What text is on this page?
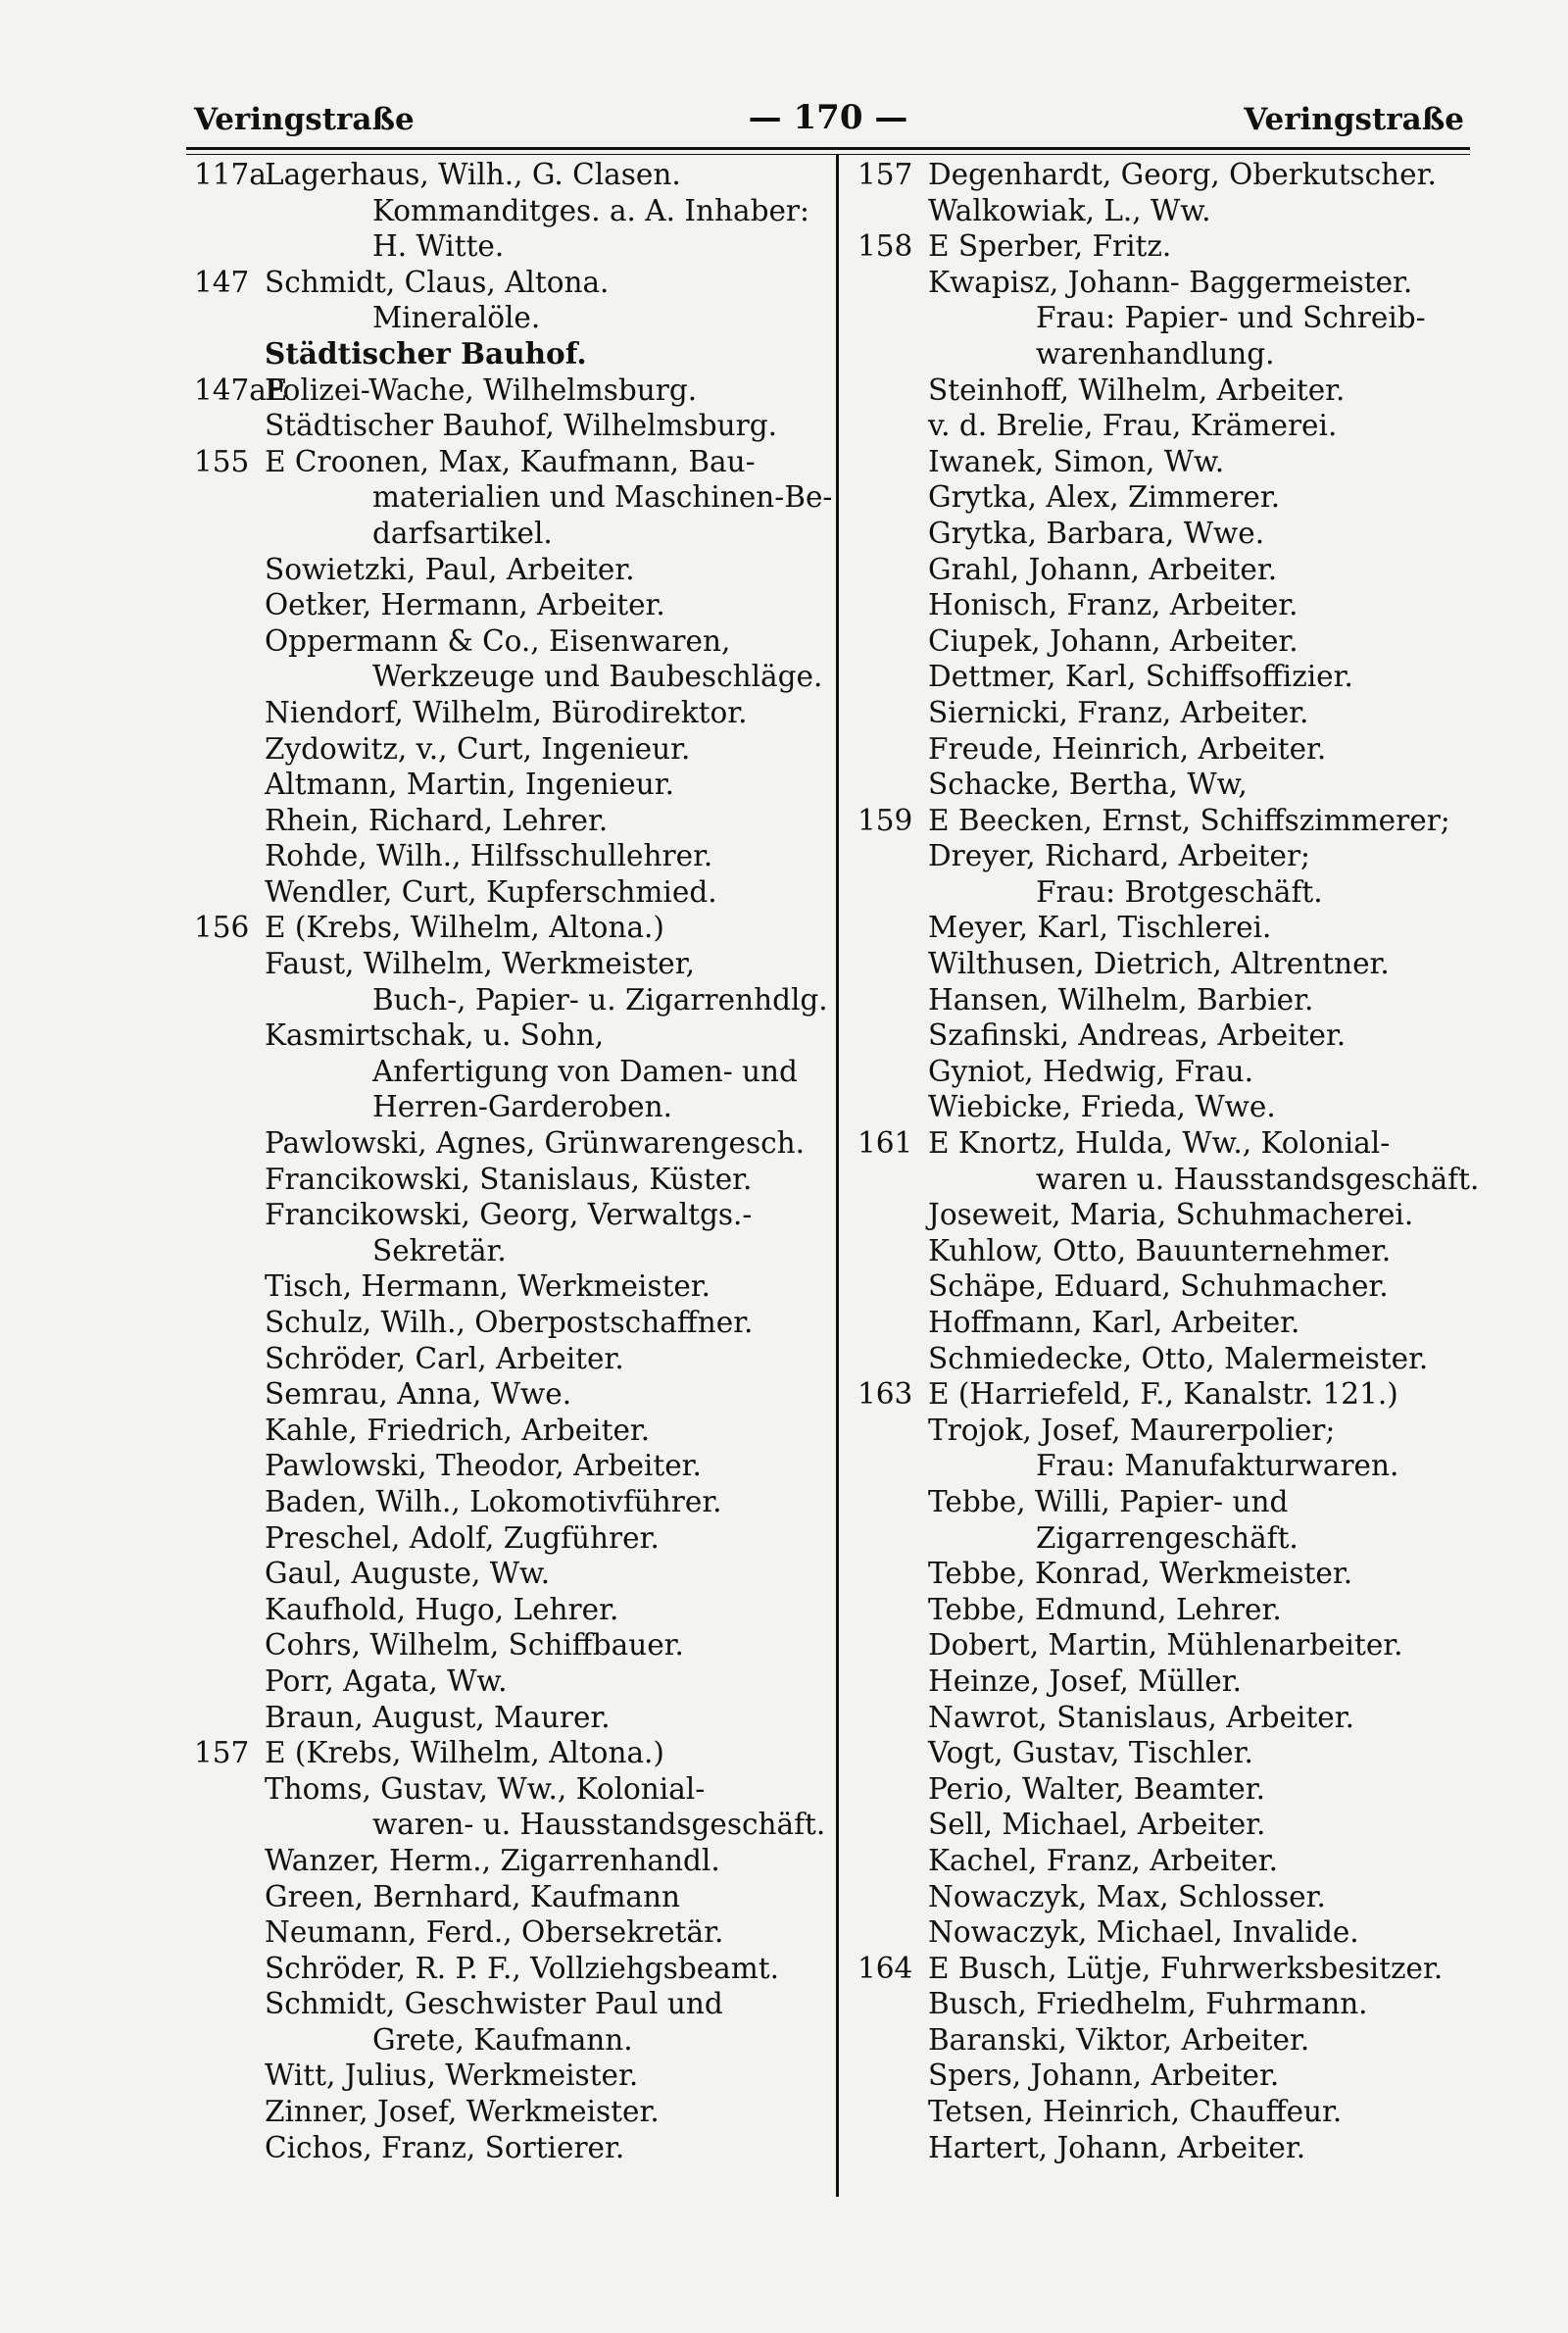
Veringstraße	— 170 —	Veringstraße
117a
Lagerhaus, Wilh., G. Clasen.
Kommanditges. a. A. Inhaber:
H. Witte.
147 Schmidt, Claus, Altona.
Mineralöle.
Städtischer Bauhof.
147aE
Polizei-Wache, Wilhelmsburg.
Städtischer Bauhof, Wilhelmsburg.
155 E Croonen, Max, Kaufmann, Bau-
materialien und Maschinen-Be-
darfsartikel.
Sowietzki, Paul, Arbeiter.
Oetker, Hermann, Arbeiter.
Oppermann & Co., Eisenwaren,
Werkzeuge und Baubeschläge.
Niendorf, Wilhelm, Bürodirektor.
Zydowitz, v., Curt, Ingenieur.
Altmann, Martin, Ingenieur.
Rhein, Richard, Lehrer.
Rohde, Wilh., Hilfsschullehrer.
Wendler, Curt, Kupferschmied.
156 E (Krebs, Wilhelm, Altona.)
Faust, Wilhelm, Werkmeister,
Buch-, Papier- u. Zigarrenhdlg.
Kasmirtschak, u. Sohn,
Anfertigung von Damen- und
Herren-Garderoben.
Pawlowski, Agnes, Grünwarengesch.
Francikowski, Stanislaus, Küster.
Francikowski, Georg, Verwaltgs.-
Sekretär.
Tisch, Hermann, Werkmeister.
Schulz, Wilh., Oberpostschaffner.
Schröder, Carl, Arbeiter.
Semrau, Anna, Wwe.
Kahle, Friedrich, Arbeiter.
Pawlowski, Theodor, Arbeiter.
Baden, Wilh., Lokomotivführer.
Preschel, Adolf, Zugführer.
Gaul, Auguste, Ww.
Kaufhold, Hugo, Lehrer.
Cohrs, Wilhelm, Schiffbauer.
Porr, Agata, Ww.
Braun, August, Maurer.
157 E (Krebs, Wilhelm, Altona.)
Thoms, Gustav, Ww., Kolonial-
waren- u. Hausstandsgeschäft.
Wanzer, Herm., Zigarrenhandl.
Green, Bernhard, Kaufmann
Neumann, Ferd., Obersekretär.
Schröder, R. P. F., Vollziehgsbeamt.
Schmidt, Geschwister Paul und
Grete, Kaufmann.
Witt, Julius, Werkmeister.
Zinner, Josef, Werkmeister.
Cichos, Franz, Sortierer.
157 Degenhardt, Georg, Oberkutscher.
Walkowiak, L., Ww.
158 E Sperber, Fritz.
Kwapisz, Johann- Baggermeister.
Frau: Papier- und Schreib-
warenhandlung.
Steinhoff, Wilhelm, Arbeiter.
v. d. Brelie, Frau, Krämerei.
Iwanek, Simon, Ww.
Grytka, Alex, Zimmerer.
Grytka, Barbara, Wwe.
Grahl, Johann, Arbeiter.
Honisch, Franz, Arbeiter.
Ciupek, Johann, Arbeiter.
Dettmer, Karl, Schiffsoffizier.
Siernicki, Franz, Arbeiter.
Freude, Heinrich, Arbeiter.
Schacke, Bertha, Ww,
159 E Beecken, Ernst, Schiffszimmerer;
Dreyer, Richard, Arbeiter;
Frau: Brotgeschäft.
Meyer, Karl, Tischlerei.
Wilthusen, Dietrich, Altrentner.
Hansen, Wilhelm, Barbier.
Szafinski, Andreas, Arbeiter.
Gyniot, Hedwig, Frau.
Wiebicke, Frieda, Wwe.
161 E Knortz, Hulda, Ww., Kolonial-
waren u. Hausstandsgeschäft.
Joseweit, Maria, Schuhmacherei.
Kuhlow, Otto, Bauunternehmer.
Schäpe, Eduard, Schuhmacher.
Hoffmann, Karl, Arbeiter.
Schmiedecke, Otto, Malermeister.
163 E (Harriefeld, F., Kanalstr. 121.)
Trojok, Josef, Maurerpolier;
Frau: Manufakturwaren.
Tebbe, Willi, Papier- und
Zigarrengeschäft.
Tebbe, Konrad, Werkmeister.
Tebbe, Edmund, Lehrer.
Dobert, Martin, Mühlenarbeiter.
Heinze, Josef, Müller.
Nawrot, Stanislaus, Arbeiter.
Vogt, Gustav, Tischler.
Perio, Walter, Beamter.
Sell, Michael, Arbeiter.
Kachel, Franz, Arbeiter.
Nowaczyk, Max, Schlosser.
Nowaczyk, Michael, Invalide.
164 E Busch, Lütje, Fuhrwerksbesitzer.
Busch, Friedhelm, Fuhrmann.
Baranski, Viktor, Arbeiter.
Spers, Johann, Arbeiter.
Tetsen, Heinrich, Chauffeur.
Hartert, Johann, Arbeiter.
